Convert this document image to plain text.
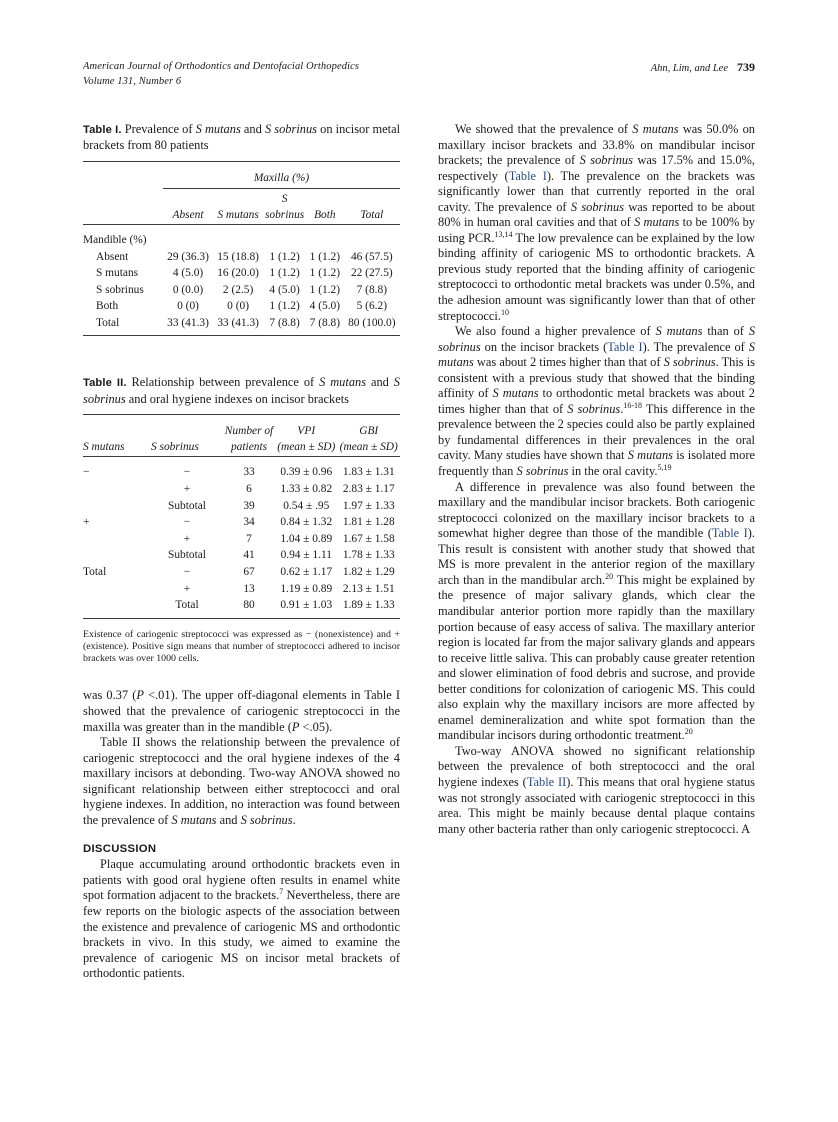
American Journal of Orthodontics and Dentofacial Orthopedics
Volume 131, Number 6
Ahn, Lim, and Lee 739
Table I. Prevalence of S mutans and S sobrinus on incisor metal brackets from 80 patients

	Maxilla (%)				
			S		
	Absent	S mutans	sobrinus	Both	Total

Mandible (%)					
Absent	29 (36.3)	15 (18.8)	1 (1.2)	1 (1.2)	46 (57.5)
S mutans	4 (5.0)	16 (20.0)	1 (1.2)	1 (1.2)	22 (27.5)
S sobrinus	0 (0.0)	2 (2.5)	4 (5.0)	1 (1.2)	7 (8.8)
Both	0 (0)	0 (0)	1 (1.2)	4 (5.0)	5 (6.2)
Total	33 (41.3)	33 (41.3)	7 (8.8)	7 (8.8)	80 (100.0)

Table II. Relationship between prevalence of S mutans and S sobrinus and oral hygiene indexes on incisor brackets

		Number of	VPI	GBI
S mutans	S sobrinus	patients	(mean ± SD)	(mean ± SD)

−	−	33	0.39 ± 0.96	1.83 ± 1.31
	+	6	1.33 ± 0.82	2.83 ± 1.17
	Subtotal	39	0.54 ± .95	1.97 ± 1.33
+	−	34	0.84 ± 1.32	1.81 ± 1.28
	+	7	1.04 ± 0.89	1.67 ± 1.58
	Subtotal	41	0.94 ± 1.11	1.78 ± 1.33
Total	−	67	0.62 ± 1.17	1.82 ± 1.29
	+	13	1.19 ± 0.89	2.13 ± 1.51
	Total	80	0.91 ± 1.03	1.89 ± 1.33

Existence of cariogenic streptococci was expressed as − (nonexistence) and + (existence). Positive sign means that number of streptococci adhered to incisor brackets was over 1000 cells.

was 0.37 (P <.01). The upper off-diagonal elements in Table I showed that the prevalence of cariogenic streptococci in the maxilla was greater than in the mandible (P <.05).

Table II shows the relationship between the prevalence of cariogenic streptococci and the oral hygiene indexes of the 4 maxillary incisors at debonding. Two-way ANOVA showed no significant relationship between either streptococci and oral hygiene indexes. In addition, no interaction was found between the prevalence of S mutans and S sobrinus.

DISCUSSION

Plaque accumulating around orthodontic brackets even in patients with good oral hygiene often results in enamel white spot formation adjacent to the brackets.$^7$ Nevertheless, there are few reports on the biologic aspects of the association between the existence and prevalence of cariogenic MS and orthodontic brackets in vivo. In this study, we aimed to examine the prevalence of cariogenic MS on incisor metal brackets of orthodontic patients.

We showed that the prevalence of S mutans was 50.0% on maxillary incisor brackets and 33.8% on mandibular incisor brackets; the prevalence of S sobrinus was 17.5% and 15.0%, respectively (Table I). The prevalence on the brackets was significantly lower than that currently reported in the oral cavity. The prevalence of S sobrinus was reported to be about 80% in human oral cavities and that of S mutans to be 100% by using PCR.$^{13,14}$ The low prevalence can be explained by the low binding affinity of cariogenic MS to orthodontic brackets. A previous study reported that the binding affinity of cariogenic streptococci to orthodontic metal brackets was under 0.5%, and the adhesion amount was significantly lower than that of other streptococci.$^{10}$

We also found a higher prevalence of S mutans than of S sobrinus on the incisor brackets (Table I). The prevalence of S mutans was about 2 times higher than that of S sobrinus. This is consistent with a previous study that showed that the binding affinity of S mutans to orthodontic metal brackets was about 2 times higher than that of S sobrinus.$^{16-18}$ This difference in the prevalence between the 2 species could also be partly explained by fundamental differences in their prevalences in the oral cavity. Many studies have shown that S mutans is isolated more frequently than S sobrinus in the oral cavity.$^{5,19}$

A difference in prevalence was also found between the maxillary and the mandibular incisor brackets. Both cariogenic streptococci colonized on the maxillary incisor brackets to a somewhat higher degree than those of the mandible (Table I). This result is consistent with another study that showed that MS is more prevalent in the anterior region of the maxillary arch than in the mandibular arch.$^{20}$ This might be explained by the presence of major salivary glands, which clear the mandibular anterior portion more rapidly than the maxillary portion because of easy access of saliva. The maxillary anterior region is located far from the major salivary glands and appears to receive little saliva. This can probably cause greater retention and slower elimination of food debris and sucrose, and provide better conditions for colonization of cariogenic MS. This could also explain why the maxillary incisors are more affected by enamel demineralization and white spot formation than the mandibular incisors during orthodontic treatment.$^{20}$

Two-way ANOVA showed no significant relationship between the prevalence of both streptococci and the oral hygiene indexes (Table II). This means that oral hygiene status was not strongly associated with cariogenic streptococci in this area. This might be mainly because dental plaque contains many other bacteria rather than only cariogenic streptococci. A
